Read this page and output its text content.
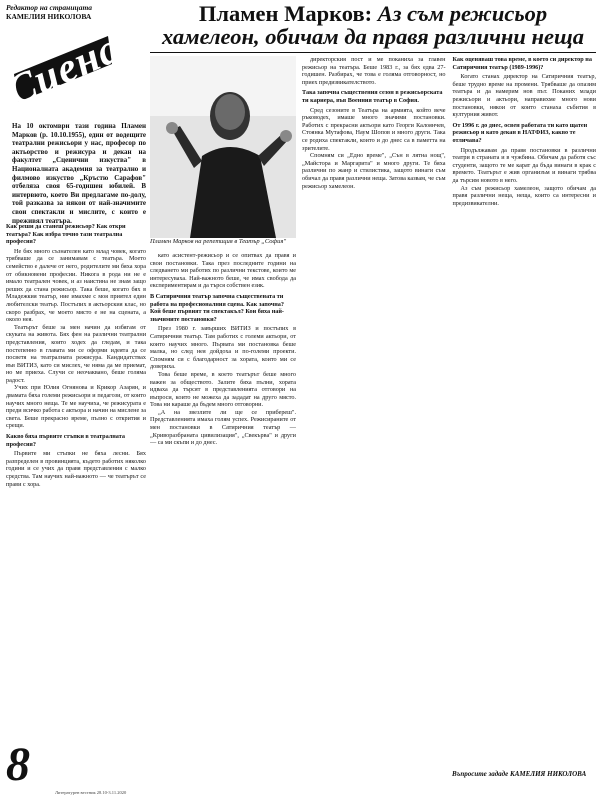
Редактор на страницата
КАМЕЛИЯ НИКОЛОВА
Сцена
Пламен Марков: Аз съм режисьор хамелеон, обичам да правя различни неща
Пламен Марков на репетиция в Театър „София"
На 10 октомври тази година Пламен Марков (р. 10.10.1955), един от водещите театрални режисьори у нас, професор по актьорство и режисура и декан на факултет „Сценични изкуства" в Националната академия за театрално и филмово изкуство „Кръстю Сарафов" отбеляза своя 65-годишен юбилей. В интервюто, което Ви предлагаме по-долу, той разказва за някои от най-значимите свои спектакли и мислите, с които е преживял театъра.
Как реши да станеш режисьор? Как откри театъра? Как избра точно тази театрална професия?

Не бях много съзнателен като млад човек, когато трябваше да се занимавам с театъра. Моето семейство е далече от него, родителите ми бяха хора от обикновени професии. Никога в рода ни не е имало театрален човек, и аз наистина не знам защо реших да стана режисьор. Така беше, когато бях в Младежкия театър, ние имахме с моя приятел един любителски театър. Постъпих в актьорския клас, но скоро разбрах, че моето място е не на сцената, а около нея.

Театърът беше за мен начин да избягам от скуката на живота. Бях фен на различни театрални представления, които ходех да гледам, и така постепенно в главата ми се оформи идеята да се посветя на театралната режисура. Кандидатствах във ВИТИЗ, като си мислех, че няма да ме приемат, но ме приеха. Случи се неочаквано, беше голяма радост.

Учих при Юлия Огнянова и Крикор Азарян, и двамата бяха големи режисьори и педагози, от които научих много неща. Те ме научиха, че режисурата е преди всичко работа с актьора и начин на мислене за света. Беше прекрасно време, пълно с открития и срещи.

Какво бяха първите стъпки в театралната професия?

Първите ми стъпки не бяха лесни. Бях разпределен в провинцията, където работих няколко години и се учих да правя представления с малко средства. Там научих най-важното — че театърът се прави с хора.

като асистент-режисьор и се опитвах да правя и свои постановки. Така през последните години на следването ми работих по различни текстове, които ме интересуваха. Най-важното беше, че имах свобода да експериментирам и да търся собствен език.

В Сатиричния театър започна съществената ти работа на професионалния сцена. Как започна? Кой беше първият ти спектакъл? Кои бяха най-значимите постановки?

През 1980 г. завърших ВИТИЗ и постъпих в Сатиричния театър. Там работих с големи актьори, от които научих много. Първата ми постановка беше малка, но след нея дойдоха и по-големи проекти. Спомням си с благодарност за хората, които ми се довериха.

Това беше време, в което театърът беше много важен за обществото. Залите бяха пълни, хората идваха да търсят в представленията отговори на въпроси, които не можеха да зададат на друго място. Това ни караше да бъдем много отговорни.

„А на звезлите ли ще се прибереш". Представленията имаха голям успех. Режисираните от мен постановки в Сатиричния театър — „Криворазбраната цивилизация", „Свекърва" и други — са ми скъпи и до днес.

директорския пост и ме поканиха за главен режисьор на театъра. Беше 1983 г., за бях едва 27-годишен. Разбирах, че това е голяма отговорност, но приех предизвикателството.

Така започна съществения сезон в режисьорската ти кариера, във Военния театър в София.

Сред сезоните в Театъра на армията, който вече ръководех, имаше много значими постановки. Работих с прекрасни актьори като Георги Калоянчев, Стоянка Мутафова, Наум Шопов и много други. Така се родиха спектакли, които и до днес са в паметта на зрителите.

Спомням си „Едно време", „Сън в лятна нощ", „Майстора и Маргарита" и много други. Те бяха различни по жанр и стилистика, защото винаги съм обичал да правя различни неща. Затова казвам, че съм режисьор хамелеон.

Как оценяваш това време, в което си директор на Сатиричния театър (1989-1996)?

Когато станах директор на Сатиричния театър, беше трудно време на промени. Трябваше да опазим театъра и да намерим нов път. Поканих млади режисьори и актьори, направихме много нови постановки, някои от които станаха събития в културния живот.

От 1996 г. до днес, освен работата ти като щатен режисьор и като декан в НАТФИЗ, какво те отличава?

Продължавам да правя постановки в различни театри в страната и в чужбина. Обичам да работя със студенти, защото те ме карат да бъда винаги в крак с времето. Театърът е жив организъм и винаги трябва да търсим новото в него.

Аз съм режисьор хамелеон, защото обичам да правя различни неща, неща, които са интересни и предизвикателни.

8
Литературен вестник 28.10-3.11.2020
Въпросите зададе КАМЕЛИЯ НИКОЛОВА
